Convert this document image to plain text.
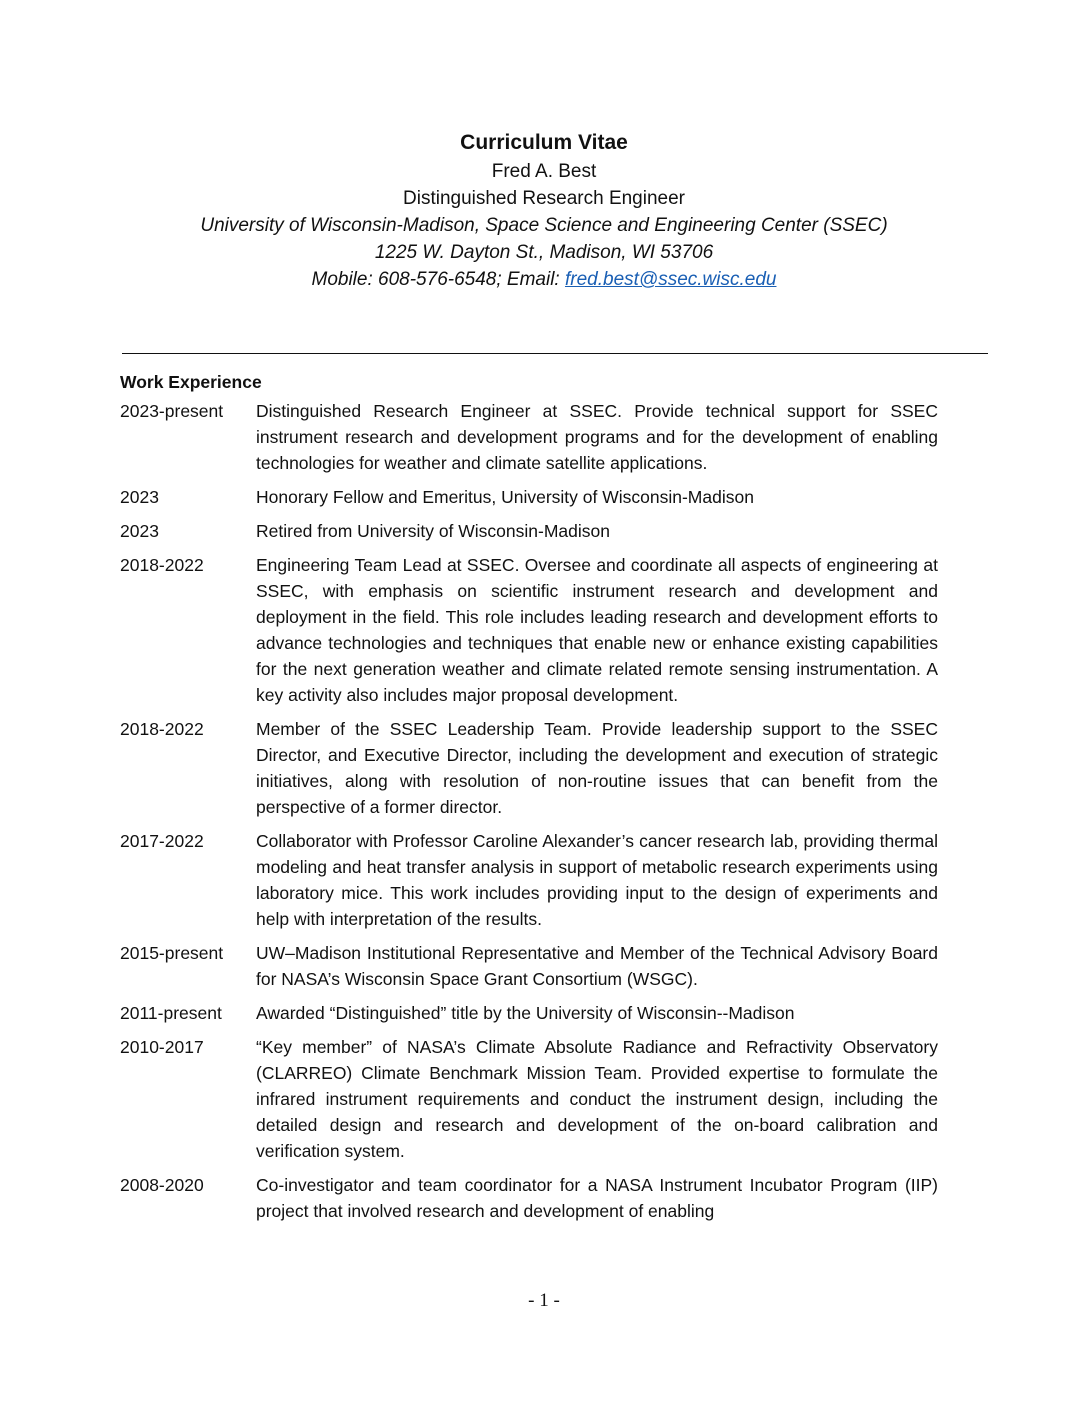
Curriculum Vitae
Fred A. Best
Distinguished Research Engineer
University of Wisconsin-Madison, Space Science and Engineering Center (SSEC)
1225 W. Dayton St., Madison, WI 53706
Mobile: 608-576-6548; Email: fred.best@ssec.wisc.edu
Work Experience
2023-present	Distinguished Research Engineer at SSEC. Provide technical support for SSEC instrument research and development programs and for the development of enabling technologies for weather and climate satellite applications.
2023	Honorary Fellow and Emeritus, University of Wisconsin-Madison
2023	Retired from University of Wisconsin-Madison
2018-2022	Engineering Team Lead at SSEC. Oversee and coordinate all aspects of engineering at SSEC, with emphasis on scientific instrument research and development and deployment in the field. This role includes leading research and development efforts to advance technologies and techniques that enable new or enhance existing capabilities for the next generation weather and climate related remote sensing instrumentation. A key activity also includes major proposal development.
2018-2022	Member of the SSEC Leadership Team. Provide leadership support to the SSEC Director, and Executive Director, including the development and execution of strategic initiatives, along with resolution of non-routine issues that can benefit from the perspective of a former director.
2017-2022	Collaborator with Professor Caroline Alexander’s cancer research lab, providing thermal modeling and heat transfer analysis in support of metabolic research experiments using laboratory mice. This work includes providing input to the design of experiments and help with interpretation of the results.
2015-present	UW–Madison Institutional Representative and Member of the Technical Advisory Board for NASA’s Wisconsin Space Grant Consortium (WSGC).
2011-present	Awarded “Distinguished” title by the University of Wisconsin--Madison
2010-2017	“Key member” of NASA’s Climate Absolute Radiance and Refractivity Observatory (CLARREO) Climate Benchmark Mission Team. Provided expertise to formulate the infrared instrument requirements and conduct the instrument design, including the detailed design and research and development of the on-board calibration and verification system.
2008-2020	Co-investigator and team coordinator for a NASA Instrument Incubator Program (IIP) project that involved research and development of enabling
- 1 -
